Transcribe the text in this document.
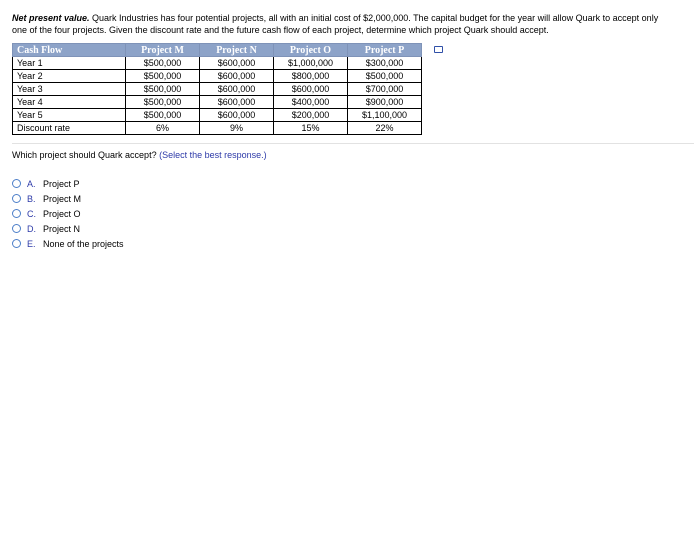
Net present value. Quark Industries has four potential projects, all with an initial cost of $2,000,000. The capital budget for the year will allow Quark to accept only
one of the four projects. Given the discount rate and the future cash flow of each project, determine which project Quark should accept.
Cash Flow	Project M	Project N	Project O	Project P
Year 1	$500,000	$600,000	$1,000,000	$300,000
Year 2	$500,000	$600,000	$800,000	$500,000
Year 3	$500,000	$600,000	$600,000	$700,000
Year 4	$500,000	$600,000	$400,000	$900,000
Year 5	$500,000	$600,000	$200,000	$1,100,000
Discount rate	6%	9%	15%	22%
Which project should Quark accept? (Select the best response.)
A. Project P
B. Project M
C. Project O
D. Project N
E. None of the projects
